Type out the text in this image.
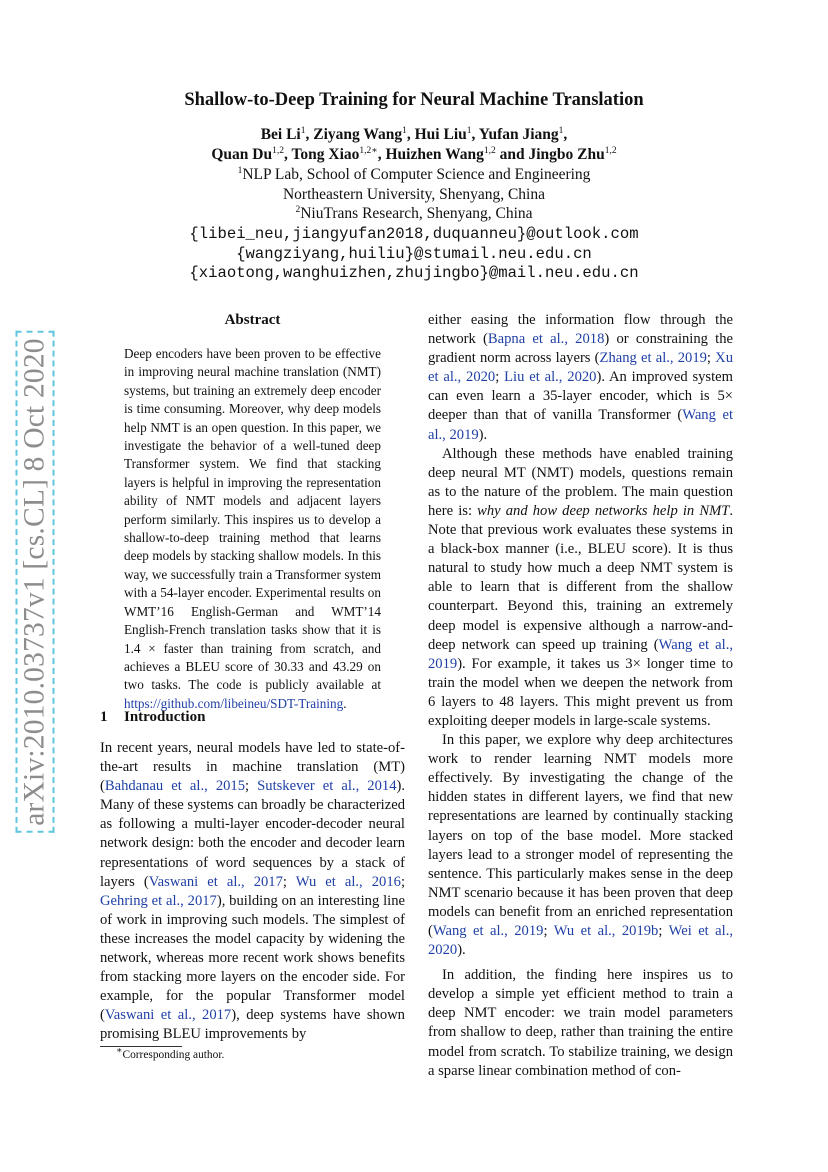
arXiv:2010.03737v1 [cs.CL] 8 Oct 2020
Shallow-to-Deep Training for Neural Machine Translation
Bei Li$^1$, Ziyang Wang$^1$, Hui Liu$^1$, Yufan Jiang$^1$,
Quan Du$^{1,2}$, Tong Xiao$^{1,2∗}$, Huizhen Wang$^{1,2}$ and Jingbo Zhu$^{1,2}$
$^1$NLP Lab, School of Computer Science and Engineering
Northeastern University, Shenyang, China
$^2$NiuTrans Research, Shenyang, China
{libei_neu,jiangyufan2018,duquanneu}@outlook.com
{wangziyang,huiliu}@stumail.neu.edu.cn
{xiaotong,wanghuizhen,zhujingbo}@mail.neu.edu.cn
Abstract
Deep encoders have been proven to be effective in improving neural machine translation (NMT) systems, but training an extremely deep encoder is time consuming. Moreover, why deep models help NMT is an open question. In this paper, we investigate the behavior of a well-tuned deep Transformer system. We find that stacking layers is helpful in improving the representation ability of NMT models and adjacent layers perform similarly. This inspires us to develop a shallow-to-deep training method that learns deep models by stacking shallow models. In this way, we successfully train a Transformer system with a 54-layer encoder. Experimental results on WMT’16 English-German and WMT’14 English-French translation tasks show that it is 1.4 × faster than training from scratch, and achieves a BLEU score of 30.33 and 43.29 on two tasks. The code is publicly available at https://github.com/libeineu/SDT-Training.
1 Introduction

In recent years, neural models have led to state-of-the-art results in machine translation (MT) (Bahdanau et al., 2015; Sutskever et al., 2014). Many of these systems can broadly be characterized as following a multi-layer encoder-decoder neural network design: both the encoder and decoder learn representations of word sequences by a stack of layers (Vaswani et al., 2017; Wu et al., 2016; Gehring et al., 2017), building on an interesting line of work in improving such models. The simplest of these increases the model capacity by widening the network, whereas more recent work shows benefits from stacking more layers on the encoder side. For example, for the popular Transformer model (Vaswani et al., 2017), deep systems have shown promising BLEU improvements by

either easing the information flow through the network (Bapna et al., 2018) or constraining the gradient norm across layers (Zhang et al., 2019; Xu et al., 2020; Liu et al., 2020). An improved system can even learn a 35-layer encoder, which is 5× deeper than that of vanilla Transformer (Wang et al., 2019).

Although these methods have enabled training deep neural MT (NMT) models, questions remain as to the nature of the problem. The main question here is: why and how deep networks help in NMT. Note that previous work evaluates these systems in a black-box manner (i.e., BLEU score). It is thus natural to study how much a deep NMT system is able to learn that is different from the shallow counterpart. Beyond this, training an extremely deep model is expensive although a narrow-and-deep network can speed up training (Wang et al., 2019). For example, it takes us 3× longer time to train the model when we deepen the network from 6 layers to 48 layers. This might prevent us from exploiting deeper models in large-scale systems.

In this paper, we explore why deep architectures work to render learning NMT models more effectively. By investigating the change of the hidden states in different layers, we find that new representations are learned by continually stacking layers on top of the base model. More stacked layers lead to a stronger model of representing the sentence. This particularly makes sense in the deep NMT scenario because it has been proven that deep models can benefit from an enriched representation (Wang et al., 2019; Wu et al., 2019b; Wei et al., 2020).

In addition, the finding here inspires us to develop a simple yet efficient method to train a deep NMT encoder: we train model parameters from shallow to deep, rather than training the entire model from scratch. To stabilize training, we design a sparse linear combination method of con-

∗Corresponding author.
